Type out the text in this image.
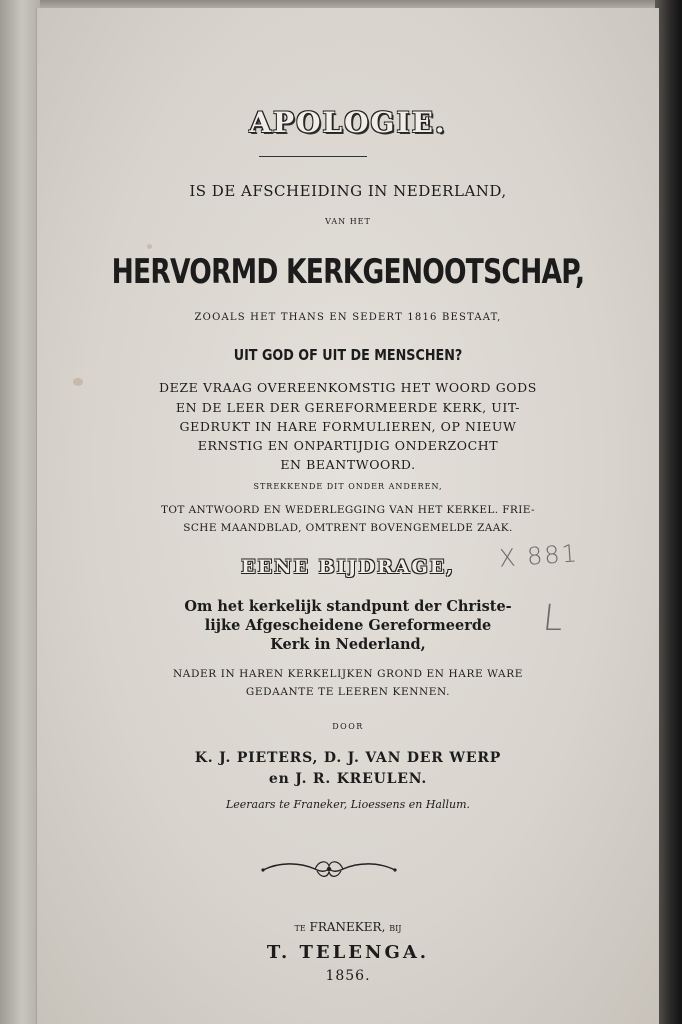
APOLOGIE.

IS DE AFSCHEIDING IN NEDERLAND,

VAN HET

HERVORMD KERKGENOOTSCHAP,

ZOOALS HET THANS EN SEDERT 1816 BESTAAT,

UIT GOD OF UIT DE MENSCHEN?

DEZE VRAAG OVEREENKOMSTIG HET WOORD GODS

EN DE LEER DER GEREFORMEERDE KERK, UIT-

GEDRUKT IN HARE FORMULIEREN, OP NIEUW

ERNSTIG EN ONPARTIJDIG ONDERZOCHT

EN BEANTWOORD.

STREKKENDE DIT ONDER ANDEREN,

TOT ANTWOORD EN WEDERLEGGING VAN HET KERKEL. FRIE-

SCHE MAANDBLAD, OMTRENT BOVENGEMELDE ZAAK.

EENE BIJDRAGE,

Om het kerkelijk standpunt der Christe-

lijke Afgescheidene Gereformeerde

Kerk in Nederland,

NADER IN HAREN KERKELIJKEN GROND EN HARE WARE

GEDAANTE TE LEEREN KENNEN.

DOOR

K. J. PIETERS, D. J. VAN DER WERP

en J. R. KREULEN.

Leeraars te Franeker, Lioessens en Hallum.

te FRANEKER, bij

T. TELENGA.

1856.

X 881
L
